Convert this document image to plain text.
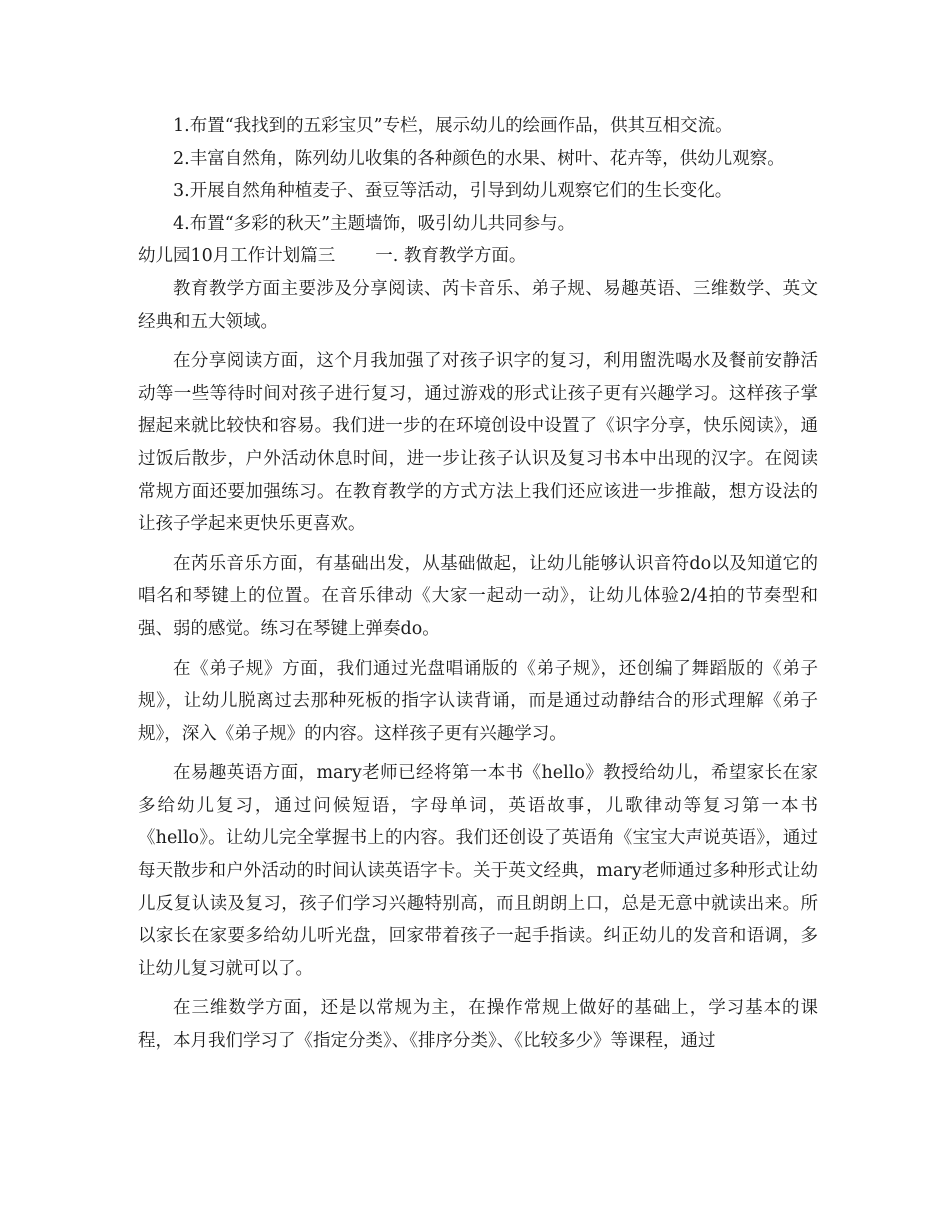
1.布置“我找到的五彩宝贝”专栏，展示幼儿的绘画作品，供其互相交流。

2.丰富自然角，陈列幼儿收集的各种颜色的水果、树叶、花卉等，供幼儿观察。

3.开展自然角种植麦子、蚕豆等活动，引导到幼儿观察它们的生长变化。

4.布置“多彩的秋天”主题墙饰，吸引幼儿共同参与。

幼儿园10月工作计划篇三 一. 教育教学方面。

教育教学方面主要涉及分享阅读、芮卡音乐、弟子规、易趣英语、三维数学、英文经典和五大领域。

在分享阅读方面，这个月我加强了对孩子识字的复习，利用盥洗喝水及餐前安静活动等一些等待时间对孩子进行复习，通过游戏的形式让孩子更有兴趣学习。这样孩子掌握起来就比较快和容易。我们进一步的在环境创设中设置了《识字分享，快乐阅读》，通过饭后散步，户外活动休息时间，进一步让孩子认识及复习书本中出现的汉字。在阅读常规方面还要加强练习。在教育教学的方式方法上我们还应该进一步推敲，想方设法的让孩子学起来更快乐更喜欢。

在芮乐音乐方面，有基础出发，从基础做起，让幼儿能够认识音符do以及知道它的唱名和琴键上的位置。在音乐律动《大家一起动一动》，让幼儿体验2/4拍的节奏型和强、弱的感觉。练习在琴键上弹奏do。

在《弟子规》方面，我们通过光盘唱诵版的《弟子规》，还创编了舞蹈版的《弟子规》，让幼儿脱离过去那种死板的指字认读背诵，而是通过动静结合的形式理解《弟子规》，深入《弟子规》的内容。这样孩子更有兴趣学习。

在易趣英语方面，mary老师已经将第一本书《hello》教授给幼儿，希望家长在家多给幼儿复习，通过问候短语，字母单词，英语故事，儿歌律动等复习第一本书《hello》。让幼儿完全掌握书上的内容。我们还创设了英语角《宝宝大声说英语》，通过每天散步和户外活动的时间认读英语字卡。关于英文经典，mary老师通过多种形式让幼儿反复认读及复习，孩子们学习兴趣特别高，而且朗朗上口，总是无意中就读出来。所以家长在家要多给幼儿听光盘，回家带着孩子一起手指读。纠正幼儿的发音和语调，多让幼儿复习就可以了。

在三维数学方面，还是以常规为主，在操作常规上做好的基础上，学习基本的课程，本月我们学习了《指定分类》、《排序分类》、《比较多少》等课程，通过
